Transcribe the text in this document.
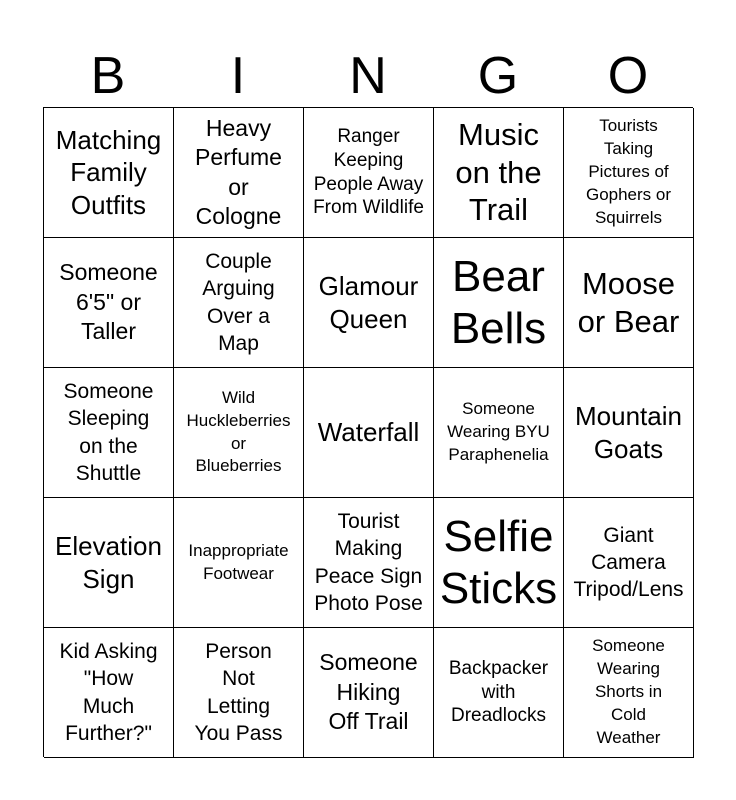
B	I	N	G	O
Matching
Family
Outfits
Heavy
Perfume
or
Cologne
Ranger
Keeping
People Away
From Wildlife
Music
on the
Trail
Tourists
Taking
Pictures of
Gophers or
Squirrels
Someone
6'5" or
Taller
Couple
Arguing
Over a
Map
Glamour
Queen
Bear
Bells
Moose
or Bear
Someone
Sleeping
on the
Shuttle
Wild
Huckleberries
or
Blueberries
Waterfall
Someone
Wearing BYU
Paraphenelia
Mountain
Goats
Elevation
Sign
Inappropriate
Footwear
Tourist
Making
Peace Sign
Photo Pose
Selfie
Sticks
Giant
Camera
Tripod/Lens
Kid Asking
"How
Much
Further?"
Person
Not
Letting
You Pass
Someone
Hiking
Off Trail
Backpacker
with
Dreadlocks
Someone
Wearing
Shorts in
Cold
Weather
